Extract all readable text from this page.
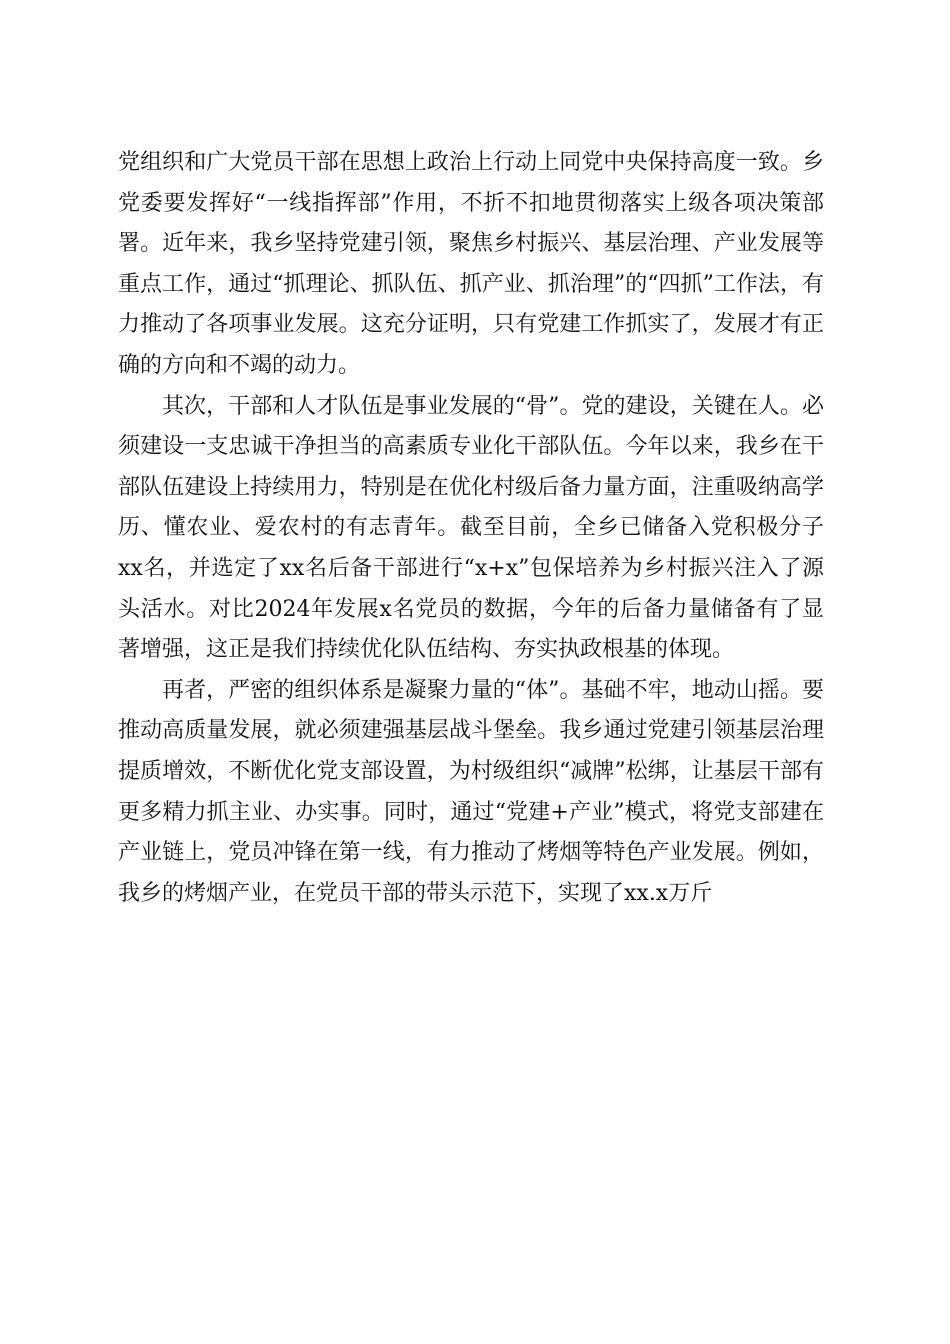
党组织和广大党员干部在思想上政治上行动上同党中央保持高度一致。乡党委要发挥好“一线指挥部”作用，不折不扣地贯彻落实上级各项决策部署。近年来，我乡坚持党建引领，聚焦乡村振兴、基层治理、产业发展等重点工作，通过“抓理论、抓队伍、抓产业、抓治理”的“四抓”工作法，有力推动了各项事业发展。这充分证明，只有党建工作抓实了，发展才有正确的方向和不竭的动力。

其次，干部和人才队伍是事业发展的“骨”。党的建设，关键在人。必须建设一支忠诚干净担当的高素质专业化干部队伍。今年以来，我乡在干部队伍建设上持续用力，特别是在优化村级后备力量方面，注重吸纳高学历、懂农业、爱农村的有志青年。截至目前，全乡已储备入党积极分子xx名，并选定了xx名后备干部进行“x+x”包保培养为乡村振兴注入了源头活水。对比2024年发展x名党员的数据，今年的后备力量储备有了显著增强，这正是我们持续优化队伍结构、夯实执政根基的体现。

再者，严密的组织体系是凝聚力量的“体”。基础不牢，地动山摇。要推动高质量发展，就必须建强基层战斗堡垒。我乡通过党建引领基层治理提质增效，不断优化党支部设置，为村级组织“减牌”松绑，让基层干部有更多精力抓主业、办实事。同时，通过“党建+产业”模式，将党支部建在产业链上，党员冲锋在第一线，有力推动了烤烟等特色产业发展。例如，我乡的烤烟产业，在党员干部的带头示范下，实现了xx.x万斤
